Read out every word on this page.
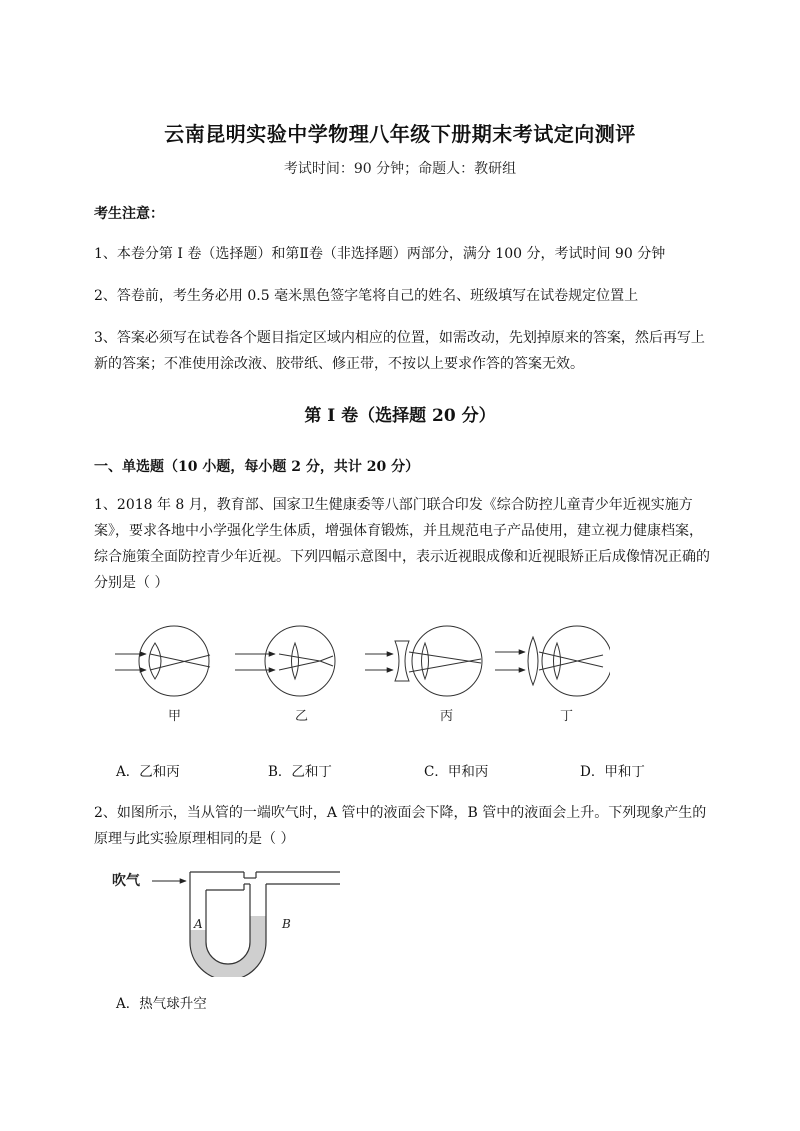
云南昆明实验中学物理八年级下册期末考试定向测评
考试时间：90 分钟；命题人：教研组
考生注意：
1、本卷分第 I 卷（选择题）和第Ⅱ卷（非选择题）两部分，满分 100 分，考试时间 90 分钟
2、答卷前，考生务必用 0.5 毫米黑色签字笔将自己的姓名、班级填写在试卷规定位置上
3、答案必须写在试卷各个题目指定区域内相应的位置，如需改动，先划掉原来的答案，然后再写上新的答案；不准使用涂改液、胶带纸、修正带，不按以上要求作答的答案无效。
第 I 卷（选择题 20 分）
一、单选题（10 小题，每小题 2 分，共计 20 分）
1、2018 年 8 月，教育部、国家卫生健康委等八部门联合印发《综合防控儿童青少年近视实施方案》，要求各地中小学强化学生体质，增强体育锻炼，并且规范电子产品使用，建立视力健康档案，综合施策全面防控青少年近视。下列四幅示意图中，表示近视眼成像和近视眼矫正后成像情况正确的分别是（ ）
甲	乙	丙	丁
A．乙和丙	B．乙和丁	C．甲和丙	D．甲和丁
2、如图所示，当从管的一端吹气时，A 管中的液面会下降，B 管中的液面会上升。下列现象产生的原理与此实验原理相同的是（ ）
吹气
A	B
A．热气球升空
